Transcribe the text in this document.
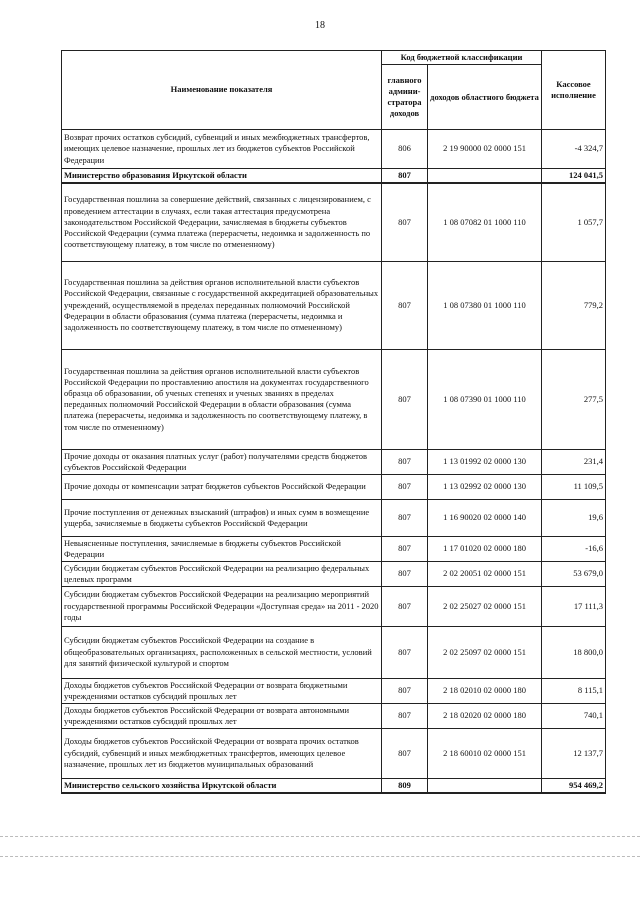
18
Наименование показателя	Код бюджетной классификации		Кассовое исполнение
	главного админи-стратора доходов	доходов областного бюджета	
Возврат прочих остатков субсидий, субвенций и иных межбюджетных трансфертов, имеющих целевое назначение, прошлых лет из бюджетов субъектов Российской Федерации	806	2 19 90000 02 0000 151	-4 324,7
Министерство образования Иркутской области	807		124 041,5
Государственная пошлина за совершение действий, связанных с лицензированием, с проведением аттестации в случаях, если такая аттестация предусмотрена законодательством Российской Федерации, зачисляемая в бюджеты субъектов Российской Федерации (сумма платежа (перерасчеты, недоимка и задолженность по соответствующему платежу, в том числе по отмененному)	807	1 08 07082 01 1000 110	1 057,7
Государственная пошлина за действия органов исполнительной власти субъектов Российской Федерации, связанные с государственной аккредитацией образовательных учреждений, осуществляемой в пределах переданных полномочий Российской Федерации в области образования (сумма платежа (перерасчеты, недоимка и задолженность по соответствующему платежу, в том числе по отмененному)	807	1 08 07380 01 1000 110	779,2
Государственная пошлина за действия органов исполнительной власти субъектов Российской Федерации по проставлению апостиля на документах государственного образца об образовании, об ученых степенях и ученых званиях в пределах переданных полномочий Российской Федерации в области образования (сумма платежа (перерасчеты, недоимка и задолженность по соответствующему платежу, в том числе по отмененному)	807	1 08 07390 01 1000 110	277,5
Прочие доходы от оказания платных услуг (работ) получателями средств бюджетов субъектов Российской Федерации	807	1 13 01992 02 0000 130	231,4
Прочие доходы от компенсации затрат бюджетов субъектов Российской Федерации	807	1 13 02992 02 0000 130	11 109,5
Прочие поступления от денежных взысканий (штрафов) и иных сумм в возмещение ущерба, зачисляемые в бюджеты субъектов Российской Федерации	807	1 16 90020 02 0000 140	19,6
Невыясненные поступления, зачисляемые в бюджеты субъектов Российской Федерации	807	1 17 01020 02 0000 180	-16,6
Субсидии бюджетам субъектов Российской Федерации на реализацию федеральных целевых программ	807	2 02 20051 02 0000 151	53 679,0
Субсидии бюджетам субъектов Российской Федерации на реализацию мероприятий государственной программы Российской Федерации «Доступная среда» на 2011 - 2020 годы	807	2 02 25027 02 0000 151	17 111,3
Субсидии бюджетам субъектов Российской Федерации на создание в общеобразовательных организациях, расположенных в сельской местности, условий для занятий физической культурой и спортом	807	2 02 25097 02 0000 151	18 800,0
Доходы бюджетов субъектов Российской Федерации от возврата бюджетными учреждениями остатков субсидий прошлых лет	807	2 18 02010 02 0000 180	8 115,1
Доходы бюджетов субъектов Российской Федерации от возврата автономными учреждениями остатков субсидий прошлых лет	807	2 18 02020 02 0000 180	740,1
Доходы бюджетов субъектов Российской Федерации от возврата прочих остатков субсидий, субвенций и иных межбюджетных трансфертов, имеющих целевое назначение, прошлых лет из бюджетов муниципальных образований	807	2 18 60010 02 0000 151	12 137,7
Министерство сельского хозяйства Иркутской области	809		954 469,2
